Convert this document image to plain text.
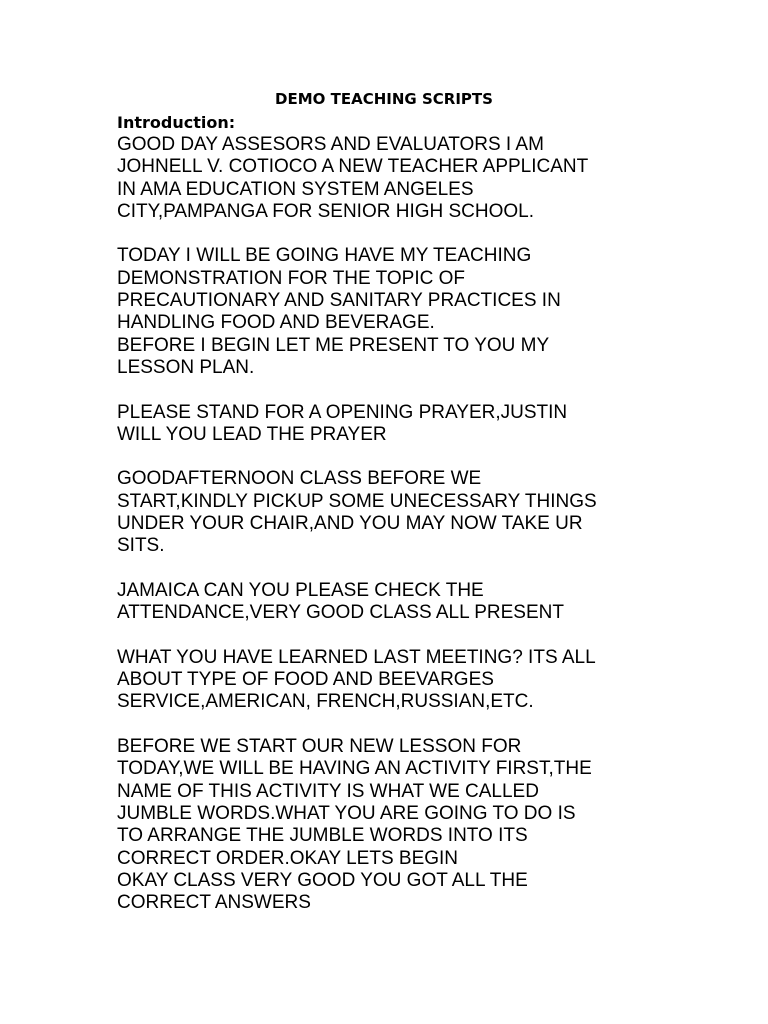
DEMO TEACHING SCRIPTS
Introduction:

GOOD DAY ASSESORS AND EVALUATORS I AM
JOHNELL V. COTIOCO A NEW TEACHER APPLICANT
IN AMA EDUCATION SYSTEM ANGELES
CITY,PAMPANGA FOR SENIOR HIGH SCHOOL.

TODAY I WILL BE GOING HAVE MY TEACHING
DEMONSTRATION FOR THE TOPIC OF
PRECAUTIONARY AND SANITARY PRACTICES IN
HANDLING FOOD AND BEVERAGE.

BEFORE I BEGIN LET ME PRESENT TO YOU MY
LESSON PLAN.

PLEASE STAND FOR A OPENING PRAYER,JUSTIN
WILL YOU LEAD THE PRAYER

GOODAFTERNOON CLASS BEFORE WE
START,KINDLY PICKUP SOME UNECESSARY THINGS
UNDER YOUR CHAIR,AND YOU MAY NOW TAKE UR
SITS.

JAMAICA CAN YOU PLEASE CHECK THE
ATTENDANCE,VERY GOOD CLASS ALL PRESENT

WHAT YOU HAVE LEARNED LAST MEETING? ITS ALL
ABOUT TYPE OF FOOD AND BEEVARGES
SERVICE,AMERICAN, FRENCH,RUSSIAN,ETC.

BEFORE WE START OUR NEW LESSON FOR
TODAY,WE WILL BE HAVING AN ACTIVITY FIRST,THE
NAME OF THIS ACTIVITY IS WHAT WE CALLED
JUMBLE WORDS.WHAT YOU ARE GOING TO DO IS
TO ARRANGE THE JUMBLE WORDS INTO ITS
CORRECT ORDER.OKAY LETS BEGIN

OKAY CLASS VERY GOOD YOU GOT ALL THE
CORRECT ANSWERS
